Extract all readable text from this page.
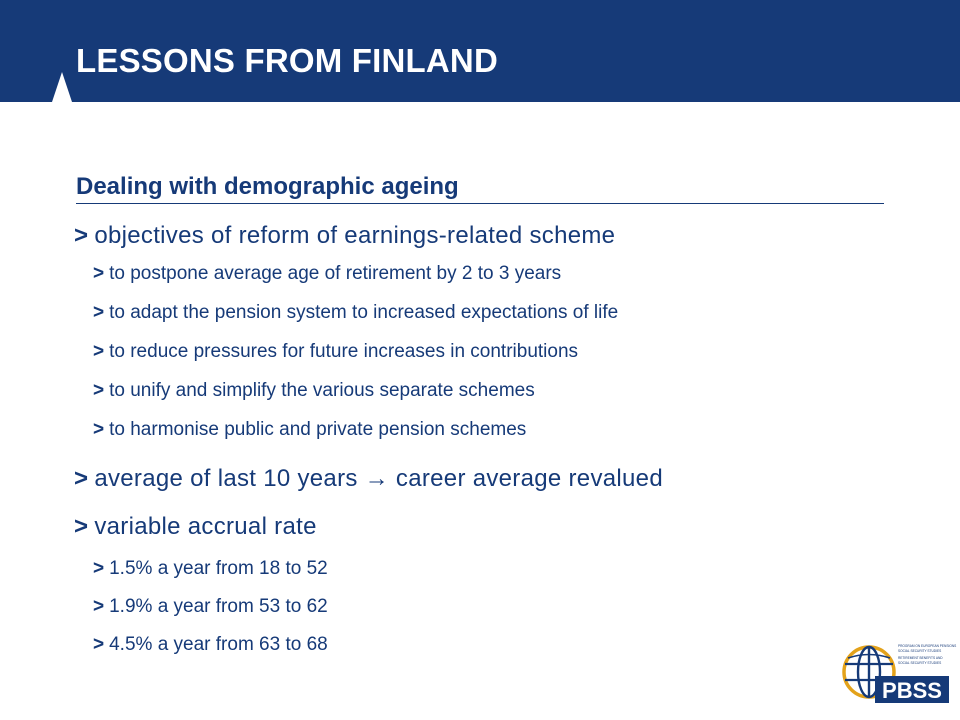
LESSONS FROM FINLAND
Dealing with demographic ageing
> objectives of reform of earnings-related scheme
> to postpone average age of retirement by 2 to 3 years
> to adapt the pension system to increased expectations of life
> to reduce pressures for future increases in contributions
> to unify and simplify the various separate schemes
> to harmonise public and private pension schemes
> average of last 10 years → career average revalued
> variable accrual rate
> 1.5% a year from 18 to 52
> 1.9% a year from 53 to 62
> 4.5% a year from 63 to 68
PBSS
PROGRAM ON EUROPEAN PENSIONS
SOCIAL SECURITY STUDIES
RETIREMENT BENEFITS AND
SOCIAL SECURITY STUDIES
